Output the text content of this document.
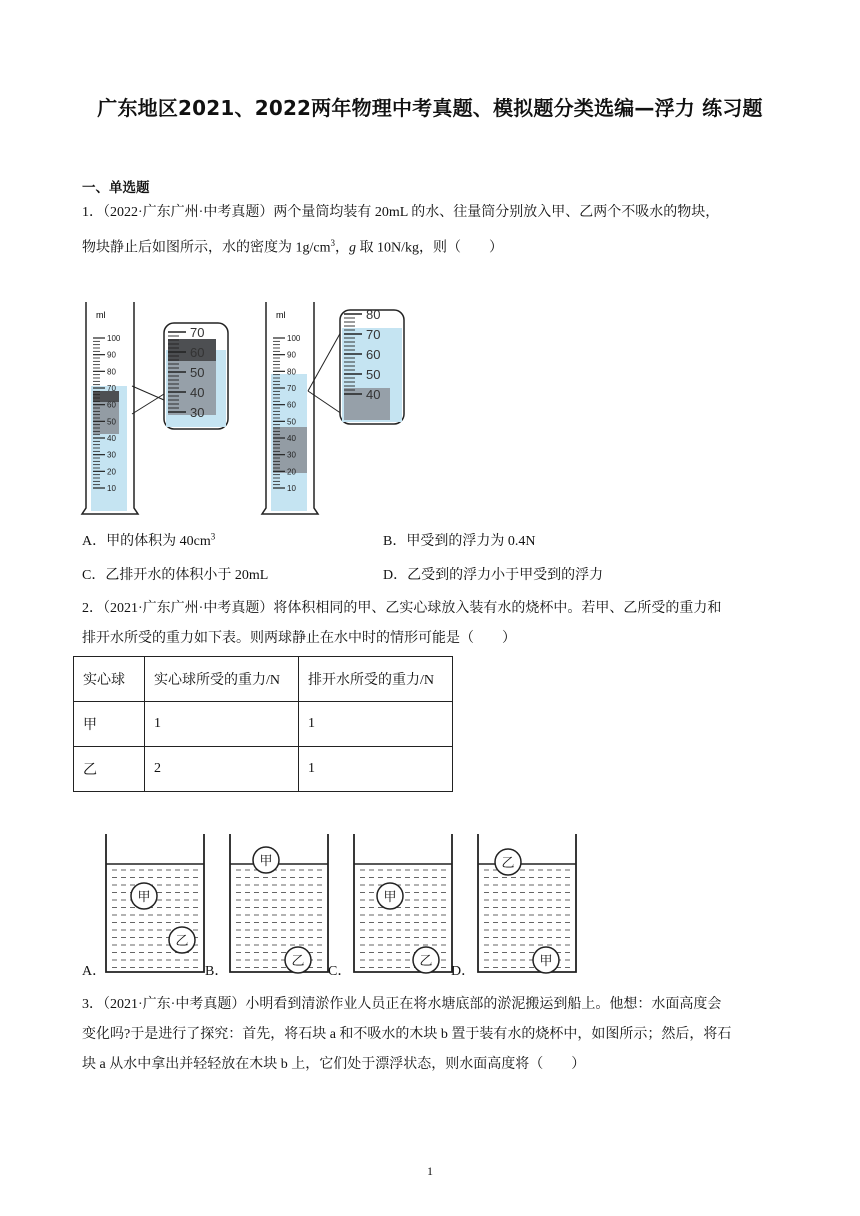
广东地区2021、2022两年物理中考真题、模拟题分类选编—浮力 练习题
一、单选题
1．（2022·广东广州·中考真题）两个量筒均装有 20mL 的水、往量筒分别放入甲、乙两个不吸水的物块，
物块静止后如图所示，水的密度为 $1g/cm^3$，g 取 10N/kg，则（　　）
ml
100
90
80
70
60
50
40
30
20
10
70
60
50
40
30
ml
100
90
80
70
60
50
40
30
20
10
80
70
60
50
40
A．甲的体积为 $40cm^3$	B．甲受到的浮力为 0.4N
C．乙排开水的体积小于 20mL	D．乙受到的浮力小于甲受到的浮力
2．（2021·广东广州·中考真题）将体积相同的甲、乙实心球放入装有水的烧杯中。若甲、乙所受的重力和
排开水所受的重力如下表。则两球静止在水中时的情形可能是（　　）
实心球	实心球所受的重力/N	排开水所受的重力/N
甲	1	1
乙	2	1
甲
乙
甲
乙
甲
乙	甲
乙
A．	B．	C．	D．
3．（2021·广东·中考真题）小明看到清淤作业人员正在将水塘底部的淤泥搬运到船上。他想：水面高度会
变化吗?于是进行了探究：首先，将石块 a 和不吸水的木块 b 置于装有水的烧杯中，如图所示；然后，将石
块 a 从水中拿出并轻轻放在木块 b 上，它们处于漂浮状态，则水面高度将（　　）
1
